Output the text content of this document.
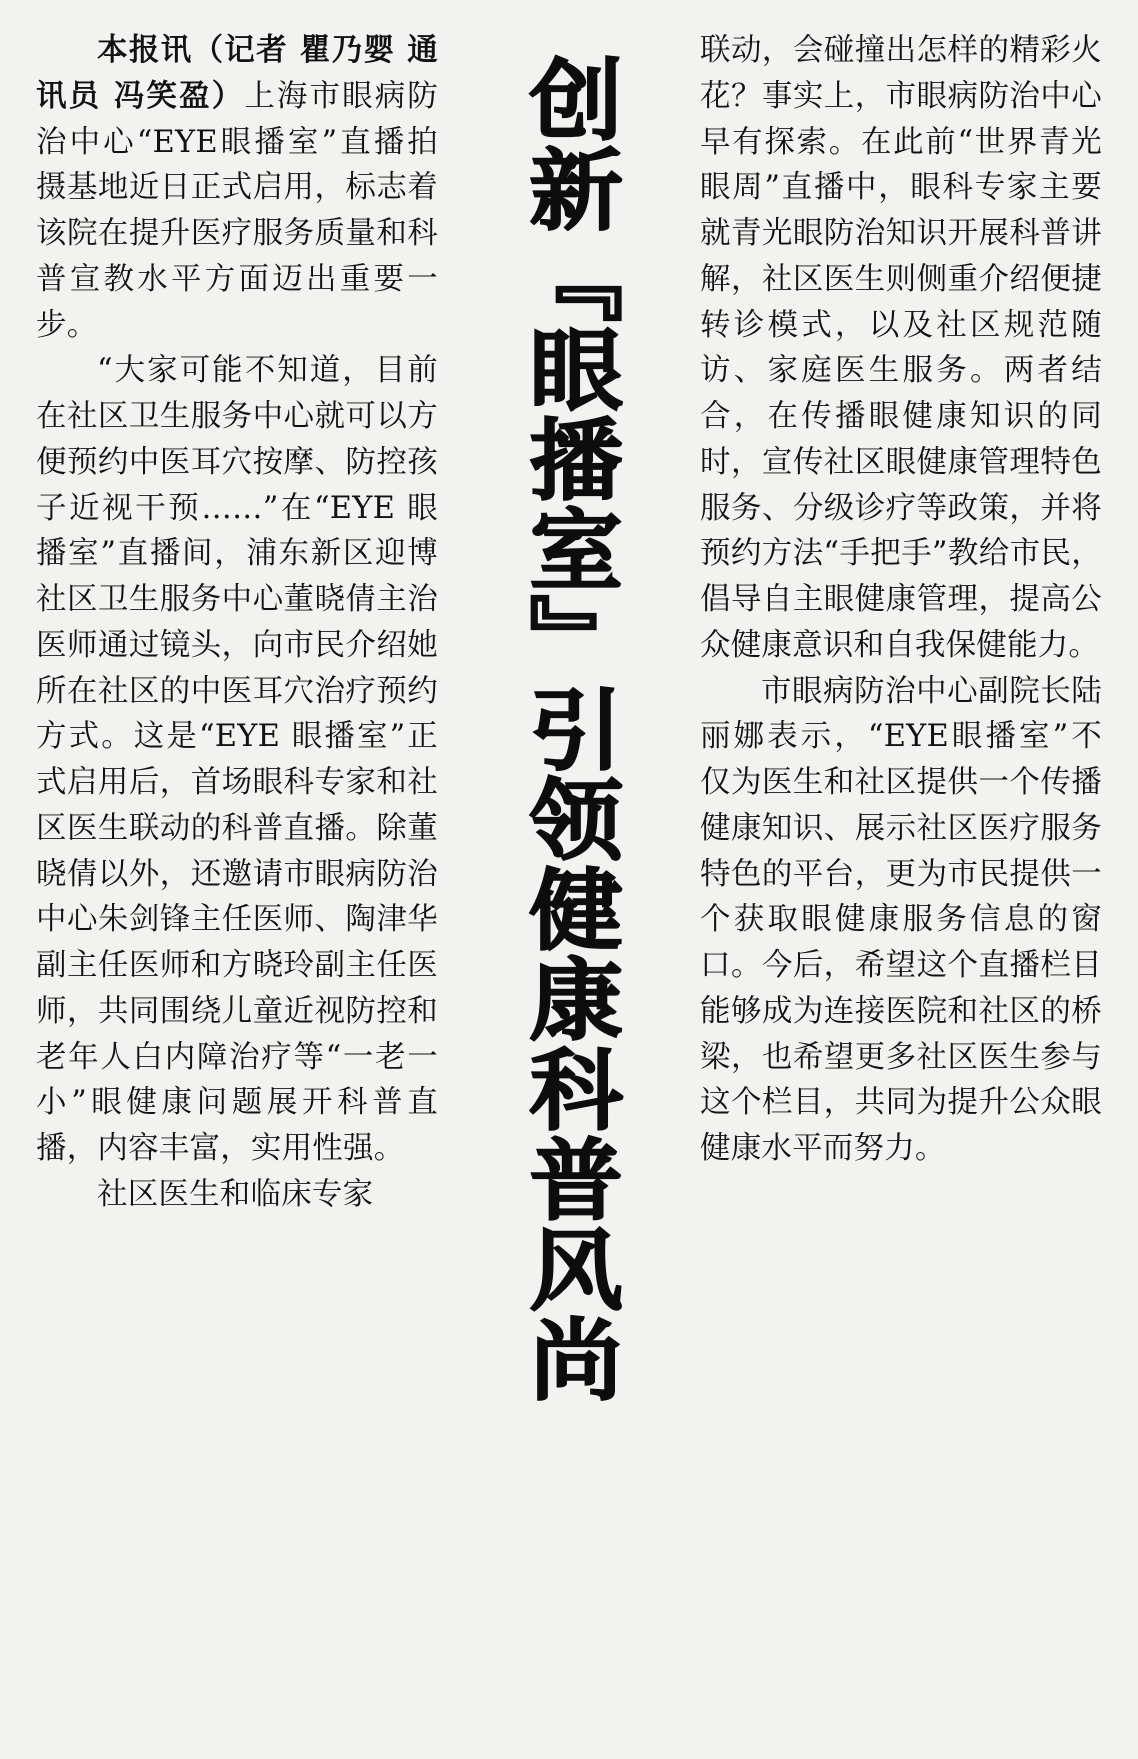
本报讯（记者 瞿乃婴 通讯员 冯笑盈）上海市眼病防治中心“EYE眼播室”直播拍摄基地近日正式启用，标志着该院在提升医疗服务质量和科普宣教水平方面迈出重要一步。

“大家可能不知道，目前在社区卫生服务中心就可以方便预约中医耳穴按摩、防控孩子近视干预……”在“EYE 眼播室”直播间，浦东新区迎博社区卫生服务中心董晓倩主治医师通过镜头，向市民介绍她所在社区的中医耳穴治疗预约方式。这是“EYE 眼播室”正式启用后，首场眼科专家和社区医生联动的科普直播。除董晓倩以外，还邀请市眼病防治中心朱剑锋主任医师、陶津华副主任医师和方晓玲副主任医师，共同围绕儿童近视防控和老年人白内障治疗等“一老一小”眼健康问题展开科普直播，内容丰富，实用性强。

社区医生和临床专家	创新『眼播室』引领健康科普风尚

联动，会碰撞出怎样的精彩火花？事实上，市眼病防治中心早有探索。在此前“世界青光眼周”直播中，眼科专家主要就青光眼防治知识开展科普讲解，社区医生则侧重介绍便捷转诊模式，以及社区规范随访、家庭医生服务。两者结合，在传播眼健康知识的同时，宣传社区眼健康管理特色服务、分级诊疗等政策，并将预约方法“手把手”教给市民，倡导自主眼健康管理，提高公众健康意识和自我保健能力。

市眼病防治中心副院长陆丽娜表示，“EYE眼播室”不仅为医生和社区提供一个传播健康知识、展示社区医疗服务特色的平台，更为市民提供一个获取眼健康服务信息的窗口。今后，希望这个直播栏目能够成为连接医院和社区的桥梁，也希望更多社区医生参与这个栏目，共同为提升公众眼健康水平而努力。
